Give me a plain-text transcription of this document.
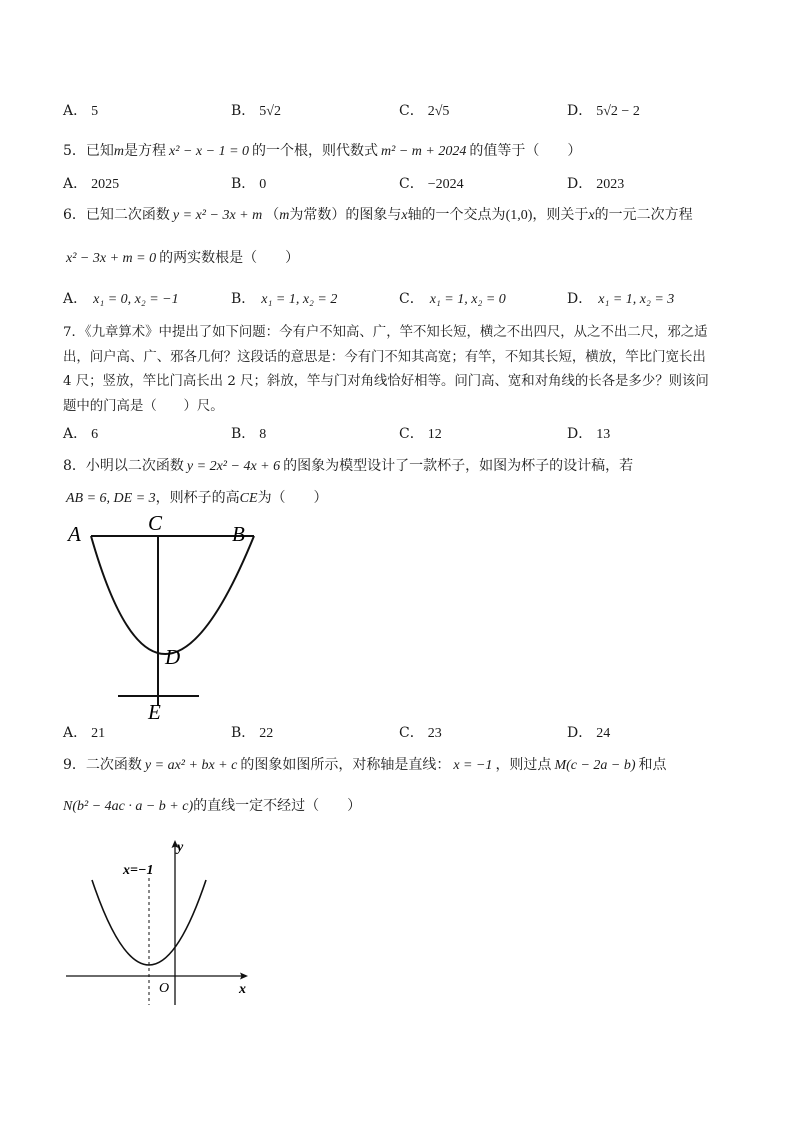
A． 5	B． 5√2	C． 2√5	D． 5√2 − 2
5．已知m是方程 x² − x − 1 = 0 的一个根，则代数式 m² − m + 2024 的值等于（　　）
A． 2025	B． 0	C． −2024	D． 2023
6．已知二次函数 y = x² − 3x + m （m为常数）的图象与x轴的一个交点为(1,0)，则关于x的一元二次方程
x² − 3x + m = 0 的两实数根是（　　）
A． x₁ = 0, x₂ = −1	B． x₁ = 1, x₂ = 2	C． x₁ = 1, x₂ = 0	D． x₁ = 1, x₂ = 3
7．《九章算术》中提出了如下问题：今有户不知高、广，竿不知长短，横之不出四尺，从之不出二尺，邪之适
出，问户高、广、邪各几何？这段话的意思是：今有门不知其高宽；有竿，不知其长短，横放，竿比门宽长出
4 尺；竖放，竿比门高长出 2 尺；斜放，竿与门对角线恰好相等。问门高、宽和对角线的长各是多少？则该问
题中的门高是（　　）尺。
A． 6	B． 8	C． 12	D． 13
8．小明以二次函数 y = 2x² − 4x + 6 的图象为模型设计了一款杯子，如图为杯子的设计稿，若
AB = 6, DE = 3，则杯子的高CE为（　　）
A	C	B
D
E
A． 21	B． 22	C． 23	D． 24
9．二次函数 y = ax² + bx + c 的图象如图所示，对称轴是直线： x = −1 ，则过点 M(c − 2a − b) 和点
N(b² − 4ac · a − b + c)的直线一定不经过（　　）
y
x
O
x=−1
